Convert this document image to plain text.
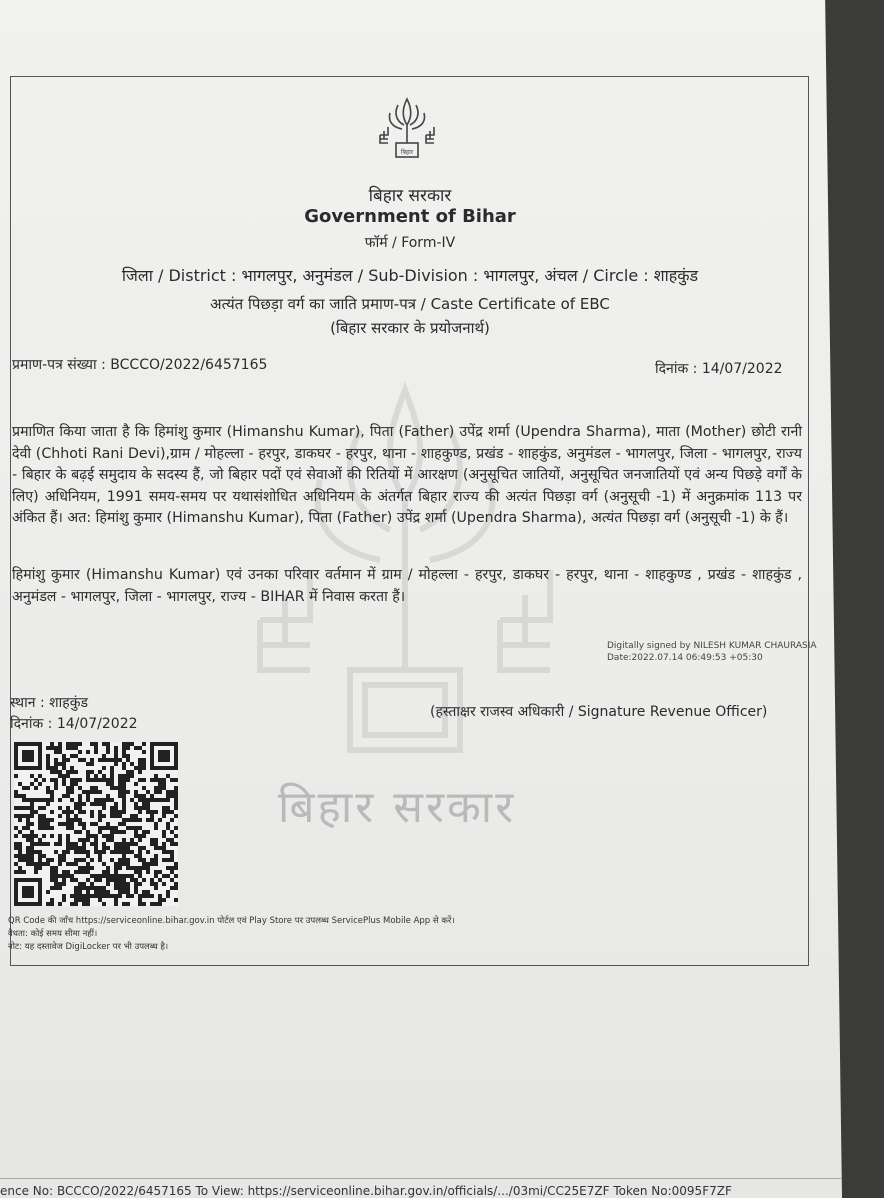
बिहार सरकार
बिहार
बिहार सरकार
Government of Bihar
फॉर्म / Form-IV
जिला / District : भागलपुर, अनुमंडल / Sub-Division : भागलपुर, अंचल / Circle : शाहकुंड
अत्यंत पिछड़ा वर्ग का जाति प्रमाण-पत्र / Caste Certificate of EBC
(बिहार सरकार के प्रयोजनार्थ)
प्रमाण-पत्र संख्या : BCCCO/2022/6457165	दिनांक : 14/07/2022
प्रमाणित किया जाता है कि हिमांशु कुमार (Himanshu Kumar), पिता (Father) उपेंद्र शर्मा (Upendra Sharma), माता (Mother) छोटी रानी देवी (Chhoti Rani Devi),ग्राम / मोहल्ला - हरपुर, डाकघर - हरपुर, थाना - शाहकुण्ड, प्रखंड - शाहकुंड, अनुमंडल - भागलपुर, जिला - भागलपुर, राज्य - बिहार के बढ़ई समुदाय के सदस्य हैं, जो बिहार पदों एवं सेवाओं की रितियों में आरक्षण (अनुसूचित जातियों, अनुसूचित जनजातियों एवं अन्य पिछड़े वर्गों के लिए) अधिनियम, 1991 समय-समय पर यथासंशोधित अधिनियम के अंतर्गत बिहार राज्य की अत्यंत पिछड़ा वर्ग (अनुसूची -1) में अनुक्रमांक 113 पर अंकित हैं। अत: हिमांशु कुमार (Himanshu Kumar), पिता (Father) उपेंद्र शर्मा (Upendra Sharma), अत्यंत पिछड़ा वर्ग (अनुसूची -1) के हैं।
हिमांशु कुमार (Himanshu Kumar) एवं उनका परिवार वर्तमान में ग्राम / मोहल्ला - हरपुर, डाकघर - हरपुर, थाना - शाहकुण्ड , प्रखंड - शाहकुंड , अनुमंडल - भागलपुर, जिला - भागलपुर, राज्य - BIHAR में निवास करता हैं।
Digitally signed by NILESH KUMAR CHAURASIA
Date:2022.07.14 06:49:53 +05:30
स्थान : शाहकुंड
दिनांक : 14/07/2022
(हस्ताक्षर राजस्व अधिकारी / Signature Revenue Officer)
QR Code की जाँच https://serviceonline.bihar.gov.in पोर्टल एवं Play Store पर उपलब्ध ServicePlus Mobile App से करें।
वैधता: कोई समय सीमा नहीं।
नोट: यह दस्तावेज DigiLocker पर भी उपलब्ध है।
ence No: BCCCO/2022/6457165 To View: https://serviceonline.bihar.gov.in/officials/.../03mi/CC25E7ZF Token No:0095F7ZF
